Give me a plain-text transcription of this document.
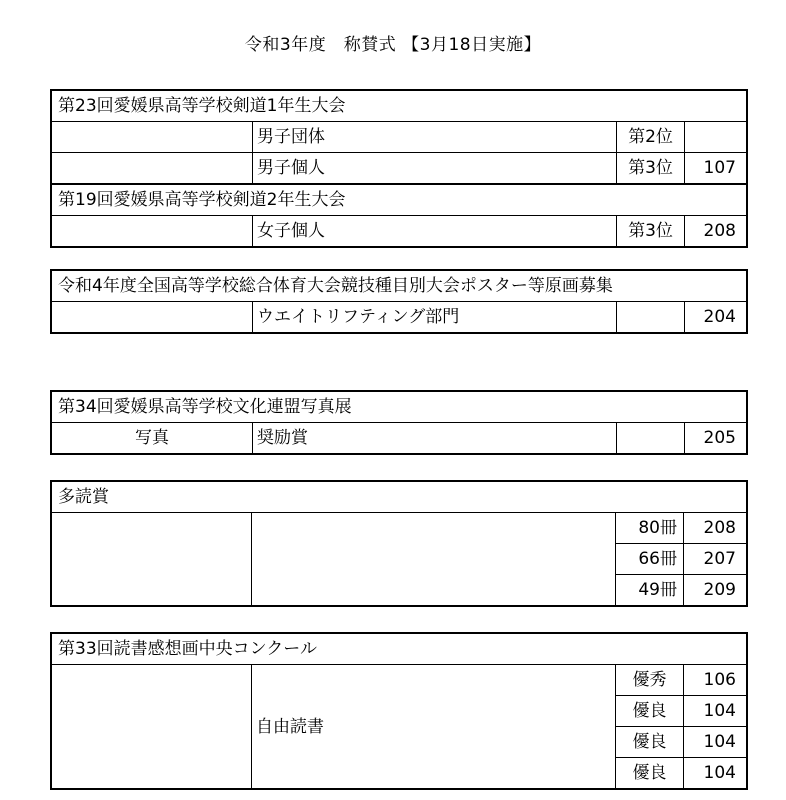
令和3年度　称賛式 【3月18日実施】
第23回愛媛県高等学校剣道1年生大会
男子団体	第2位
男子個人	第3位	107
第19回愛媛県高等学校剣道2年生大会
女子個人	第3位	208
令和4年度全国高等学校総合体育大会競技種目別大会ポスター等原画募集
ウエイトリフティング部門	204
第34回愛媛県高等学校文化連盟写真展
写真	奨励賞	205
多読賞
80冊	208
66冊	207
49冊	209
第33回読書感想画中央コンクール
自由読書
優秀	106
優良	104
優良	104
優良	104
